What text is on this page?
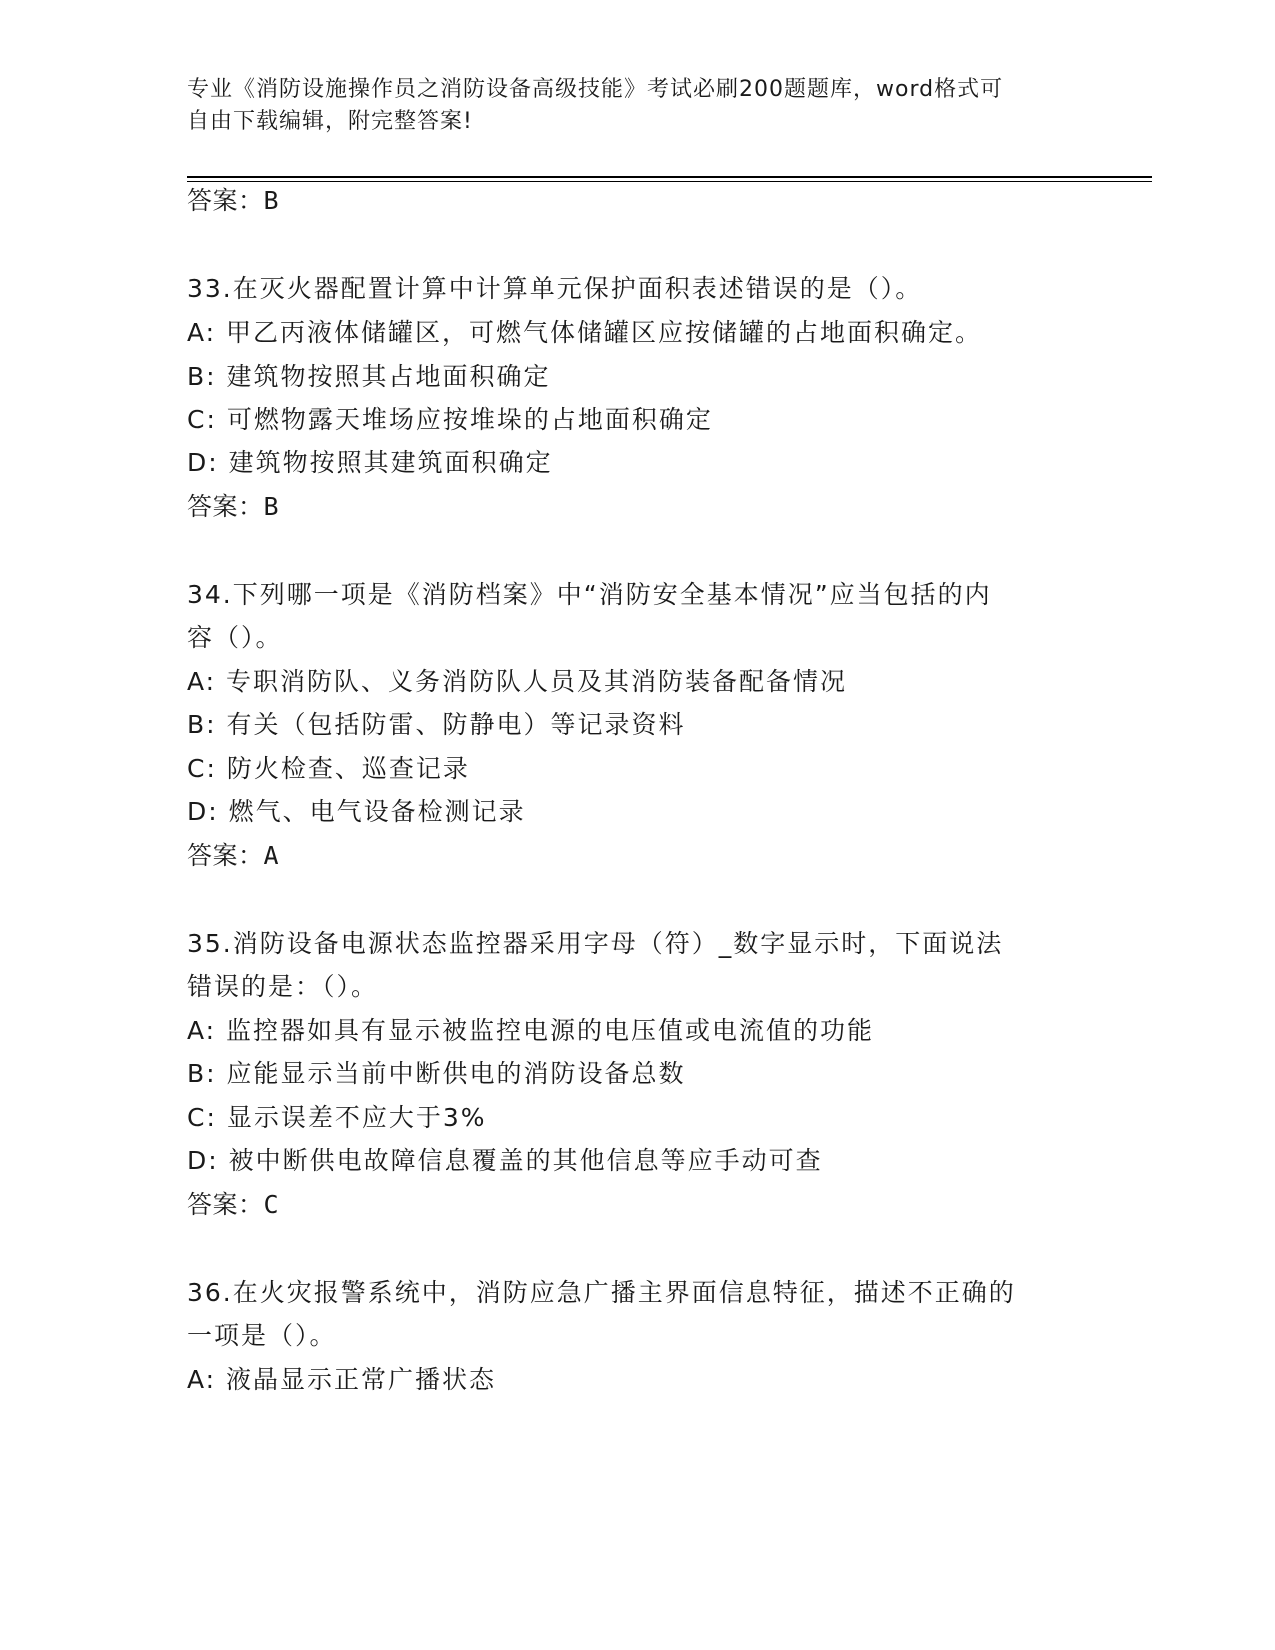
专业《消防设施操作员之消防设备高级技能》考试必刷200题题库，word格式可
自由下载编辑，附完整答案!
答案：B
33.在灭火器配置计算中计算单元保护面积表述错误的是（）。
A: 甲乙丙液体储罐区，可燃气体储罐区应按储罐的占地面积确定。
B: 建筑物按照其占地面积确定
C: 可燃物露天堆场应按堆垛的占地面积确定
D: 建筑物按照其建筑面积确定
答案：B
34.下列哪一项是《消防档案》中“消防安全基本情况”应当包括的内
容（）。
A: 专职消防队、义务消防队人员及其消防装备配备情况
B: 有关（包括防雷、防静电）等记录资料
C: 防火检查、巡查记录
D: 燃气、电气设备检测记录
答案：A
35.消防设备电源状态监控器采用字母（符）_数字显示时，下面说法
错误的是：（）。
A: 监控器如具有显示被监控电源的电压值或电流值的功能
B: 应能显示当前中断供电的消防设备总数
C: 显示误差不应大于3%
D: 被中断供电故障信息覆盖的其他信息等应手动可查
答案：C
36.在火灾报警系统中，消防应急广播主界面信息特征，描述不正确的
一项是（）。
A: 液晶显示正常广播状态
